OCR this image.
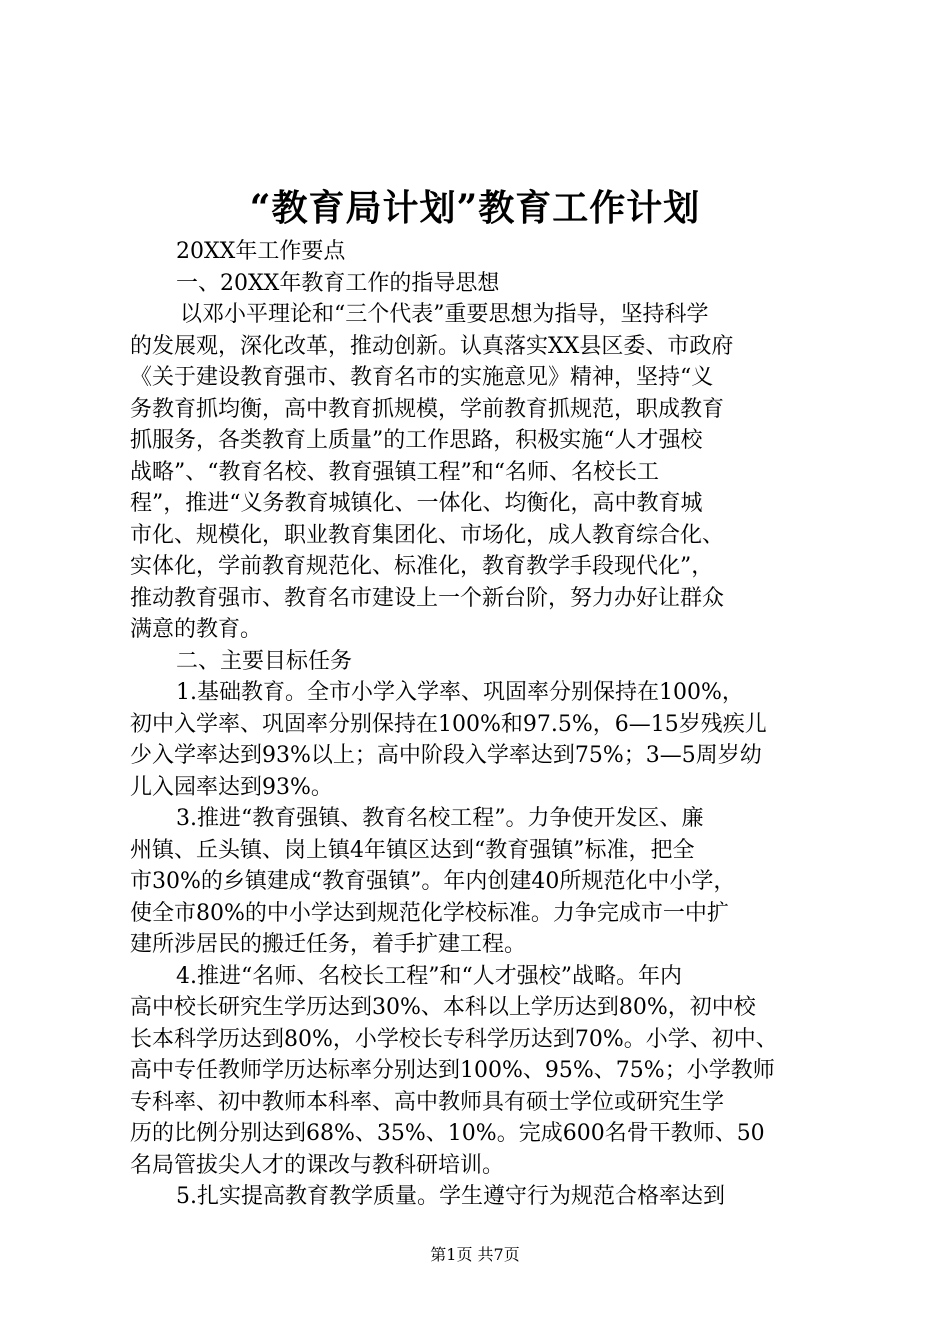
“教育局计划”教育工作计划
20XX年工作要点
一、20XX年教育工作的指导思想
以邓小平理论和“三个代表”重要思想为指导，坚持科学
的发展观，深化改革，推动创新。认真落实XX县区委、市政府
《关于建设教育强市、教育名市的实施意见》精神，坚持“义
务教育抓均衡，高中教育抓规模，学前教育抓规范，职成教育
抓服务，各类教育上质量”的工作思路，积极实施“人才强校
战略”、“教育名校、教育强镇工程”和“名师、名校长工
程”，推进“义务教育城镇化、一体化、均衡化，高中教育城
市化、规模化，职业教育集团化、市场化，成人教育综合化、
实体化，学前教育规范化、标准化，教育教学手段现代化”，
推动教育强市、教育名市建设上一个新台阶，努力办好让群众
满意的教育。
二、主要目标任务
1.基础教育。全市小学入学率、巩固率分别保持在100%，
初中入学率、巩固率分别保持在100%和97.5%，6—15岁残疾儿
少入学率达到93%以上；高中阶段入学率达到75%；3—5周岁幼
儿入园率达到93%。
3.推进“教育强镇、教育名校工程”。力争使开发区、廉
州镇、丘头镇、岗上镇4年镇区达到“教育强镇”标准，把全
市30%的乡镇建成“教育强镇”。年内创建40所规范化中小学，
使全市80%的中小学达到规范化学校标准。力争完成市一中扩
建所涉居民的搬迁任务，着手扩建工程。
4.推进“名师、名校长工程”和“人才强校”战略。年内
高中校长研究生学历达到30%、本科以上学历达到80%，初中校
长本科学历达到80%，小学校长专科学历达到70%。小学、初中、
高中专任教师学历达标率分别达到100%、95%、75%；小学教师
专科率、初中教师本科率、高中教师具有硕士学位或研究生学
历的比例分别达到68%、35%、10%。完成600名骨干教师、50
名局管拔尖人才的课改与教科研培训。
5.扎实提高教育教学质量。学生遵守行为规范合格率达到
第1页 共7页
